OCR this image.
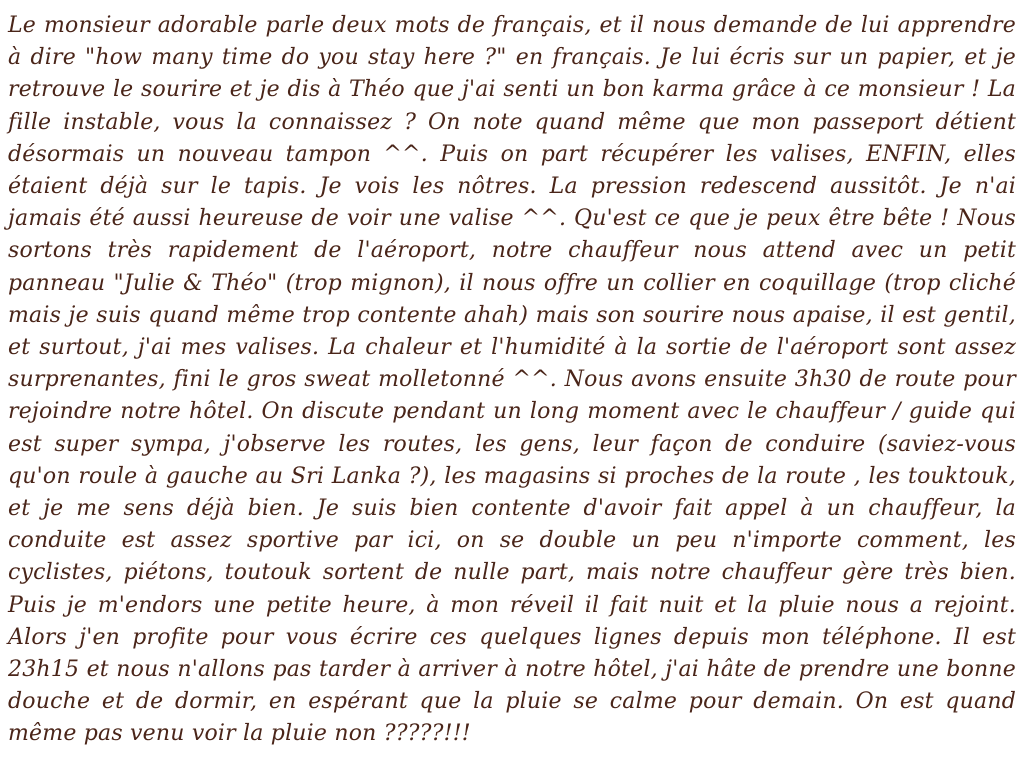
Le monsieur adorable parle deux mots de français, et il nous demande de lui apprendre à dire "how many time do you stay here ?" en français. Je lui écris sur un papier, et je retrouve le sourire et je dis à Théo que j'ai senti un bon karma grâce à ce monsieur ! La fille instable, vous la connaissez ? On note quand même que mon passeport détient désormais un nouveau tampon ^^. Puis on part récupérer les valises, ENFIN, elles étaient déjà sur le tapis. Je vois les nôtres. La pression redescend aussitôt. Je n'ai jamais été aussi heureuse de voir une valise ^^. Qu'est ce que je peux être bête ! Nous sortons très rapidement de l'aéroport, notre chauffeur nous attend avec un petit panneau "Julie & Théo" (trop mignon), il nous offre un collier en coquillage (trop cliché mais je suis quand même trop contente ahah) mais son sourire nous apaise, il est gentil, et surtout, j'ai mes valises. La chaleur et l'humidité à la sortie de l'aéroport sont assez surprenantes, fini le gros sweat molletonné ^^. Nous avons ensuite 3h30 de route pour rejoindre notre hôtel. On discute pendant un long moment avec le chauffeur / guide qui est super sympa, j'observe les routes, les gens, leur façon de conduire (saviez-vous qu'on roule à gauche au Sri Lanka ?), les magasins si proches de la route , les touktouk, et je me sens déjà bien. Je suis bien contente d'avoir fait appel à un chauffeur, la conduite est assez sportive par ici, on se double un peu n'importe comment, les cyclistes, piétons, toutouk sortent de nulle part, mais notre chauffeur gère très bien. Puis je m'endors une petite heure, à mon réveil il fait nuit et la pluie nous a rejoint. Alors j'en profite pour vous écrire ces quelques lignes depuis mon téléphone. Il est 23h15 et nous n'allons pas tarder à arriver à notre hôtel, j'ai hâte de prendre une bonne douche et de dormir, en espérant que la pluie se calme pour demain. On est quand même pas venu voir la pluie non ?????!!!
